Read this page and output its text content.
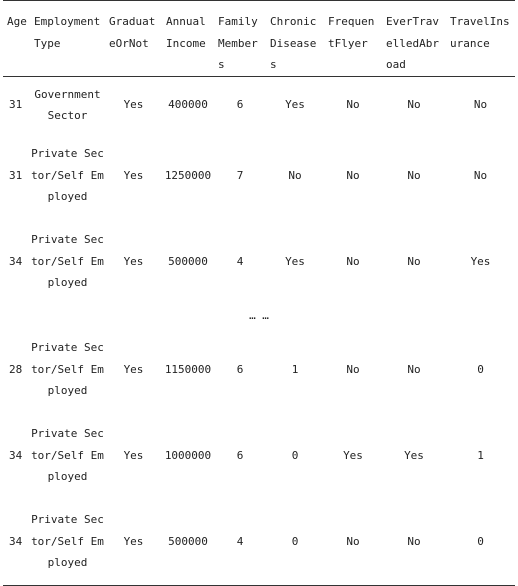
Age	Employment Type	GraduateOrNot	AnnualIncome	FamilyMembers	ChronicDiseases	FrequentFlyer	EverTravelledAbroad	TravelInsurance
31	Government Sector	Yes	400000	6	Yes	No	No	No
31	Private Sector/Self Employed	Yes	1250000	7	No	No	No	No
34	Private Sector/Self Employed	Yes	500000	4	Yes	No	No	Yes
… …								
28	Private Sector/Self Employed	Yes	1150000	6	1	No	No	0
34	Private Sector/Self Employed	Yes	1000000	6	0	Yes	Yes	1
34	Private Sector/Self Employed	Yes	500000	4	0	No	No	0
